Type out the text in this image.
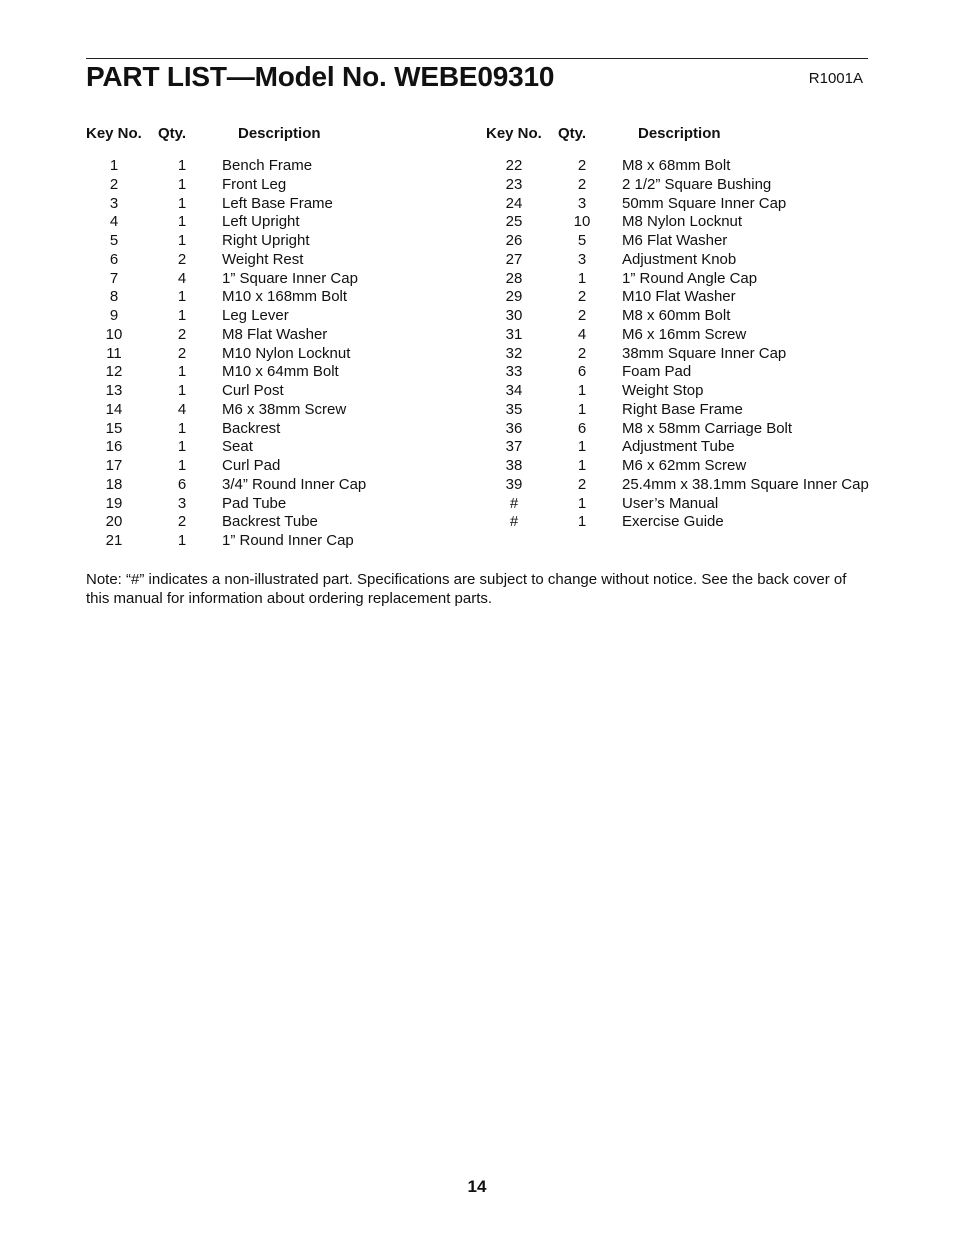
PART LIST—Model No. WEBE09310	R1001A
Key No.	Qty.	Description
1	1	Bench Frame
2	1	Front Leg
3	1	Left Base Frame
4	1	Left Upright
5	1	Right Upright
6	2	Weight Rest
7	4	1” Square Inner Cap
8	1	M10 x 168mm Bolt
9	1	Leg Lever
10	2	M8 Flat Washer
11	2	M10 Nylon Locknut
12	1	M10 x 64mm Bolt
13	1	Curl Post
14	4	M6 x 38mm Screw
15	1	Backrest
16	1	Seat
17	1	Curl Pad
18	6	3/4” Round Inner Cap
19	3	Pad Tube
20	2	Backrest Tube
21	1	1” Round Inner Cap
Key No.	Qty.	Description
22	2	M8 x 68mm Bolt
23	2	2 1/2” Square Bushing
24	3	50mm Square Inner Cap
25	10	M8 Nylon Locknut
26	5	M6 Flat Washer
27	3	Adjustment Knob
28	1	1” Round Angle Cap
29	2	M10 Flat Washer
30	2	M8 x 60mm Bolt
31	4	M6 x 16mm Screw
32	2	38mm Square Inner Cap
33	6	Foam Pad
34	1	Weight Stop
35	1	Right Base Frame
36	6	M8 x 58mm Carriage Bolt
37	1	Adjustment Tube
38	1	M6 x 62mm Screw
39	2	25.4mm x 38.1mm Square Inner Cap
#	1	User’s Manual
#	1	Exercise Guide
Note: “#” indicates a non-illustrated part. Specifications are subject to change without notice. See the back cover of this manual for information about ordering replacement parts.
14
